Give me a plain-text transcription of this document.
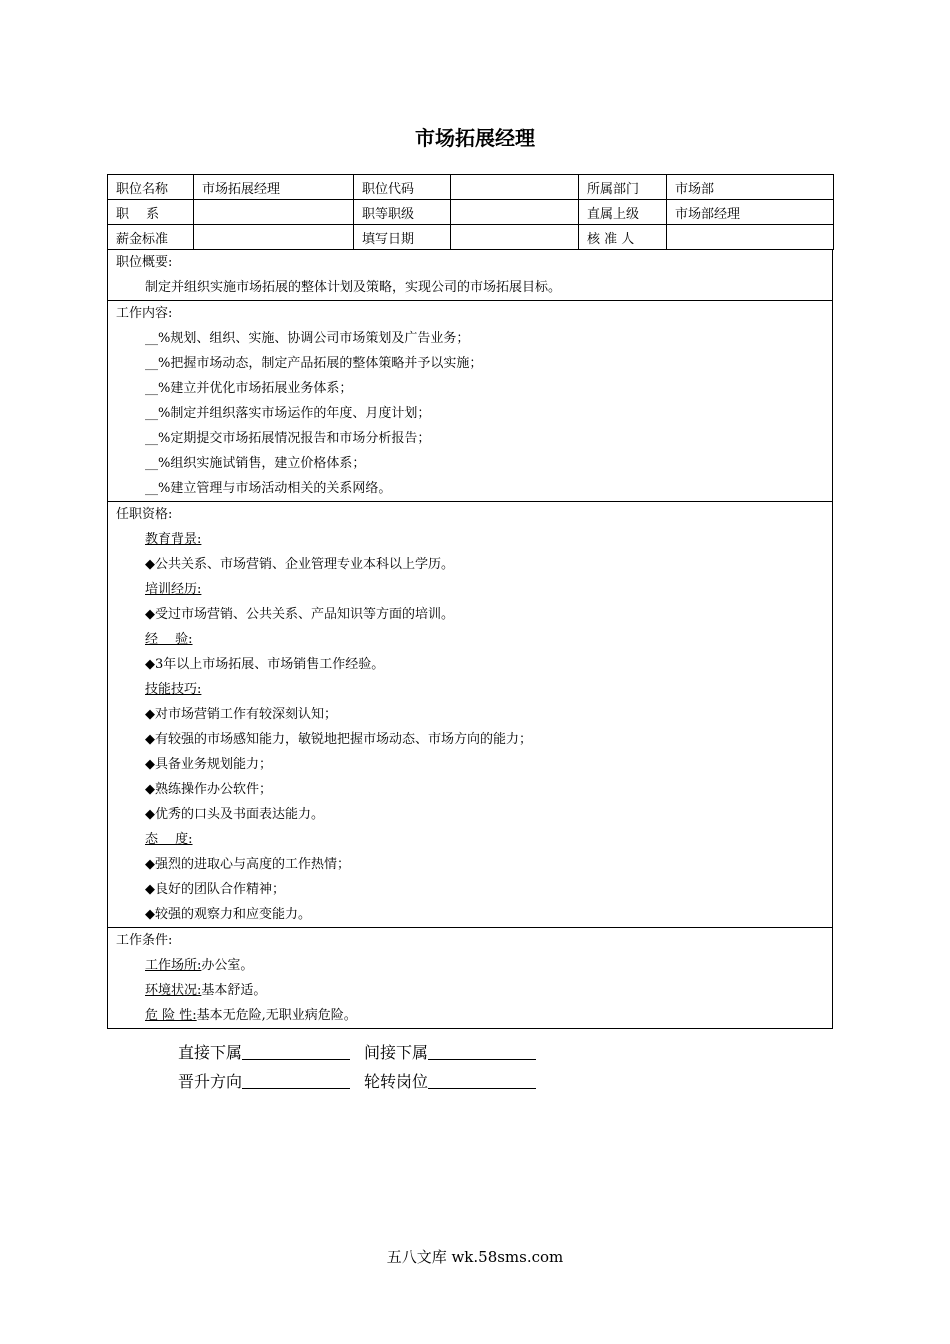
市场拓展经理
职位名称	市场拓展经理	职位代码		所属部门	市场部
职　 系		职等职级		直属上级	市场部经理
薪金标准		填写日期		核 准 人	
职位概要:
制定并组织实施市场拓展的整体计划及策略，实现公司的市场拓展目标。
工作内容:
__%规划、组织、实施、协调公司市场策划及广告业务；
__%把握市场动态，制定产品拓展的整体策略并予以实施；
__%建立并优化市场拓展业务体系；
__%制定并组织落实市场运作的年度、月度计划；
__%定期提交市场拓展情况报告和市场分析报告；
__%组织实施试销售，建立价格体系；
__%建立管理与市场活动相关的关系网络。
任职资格:
教育背景:
◆公共关系、市场营销、企业管理专业本科以上学历。
培训经历:
◆受过市场营销、公共关系、产品知识等方面的培训。
经　 验:
◆3年以上市场拓展、市场销售工作经验。
技能技巧:
◆对市场营销工作有较深刻认知；
◆有较强的市场感知能力，敏锐地把握市场动态、市场方向的能力；
◆具备业务规划能力；
◆熟练操作办公软件；
◆优秀的口头及书面表达能力。
态　 度:
◆强烈的进取心与高度的工作热情；
◆良好的团队合作精神；
◆较强的观察力和应变能力。
工作条件:
工作场所:办公室。
环境状况:基本舒适。
危 险 性:基本无危险,无职业病危险。
直接下属	间接下属
晋升方向	轮转岗位
五八文库 wk.58sms.com
